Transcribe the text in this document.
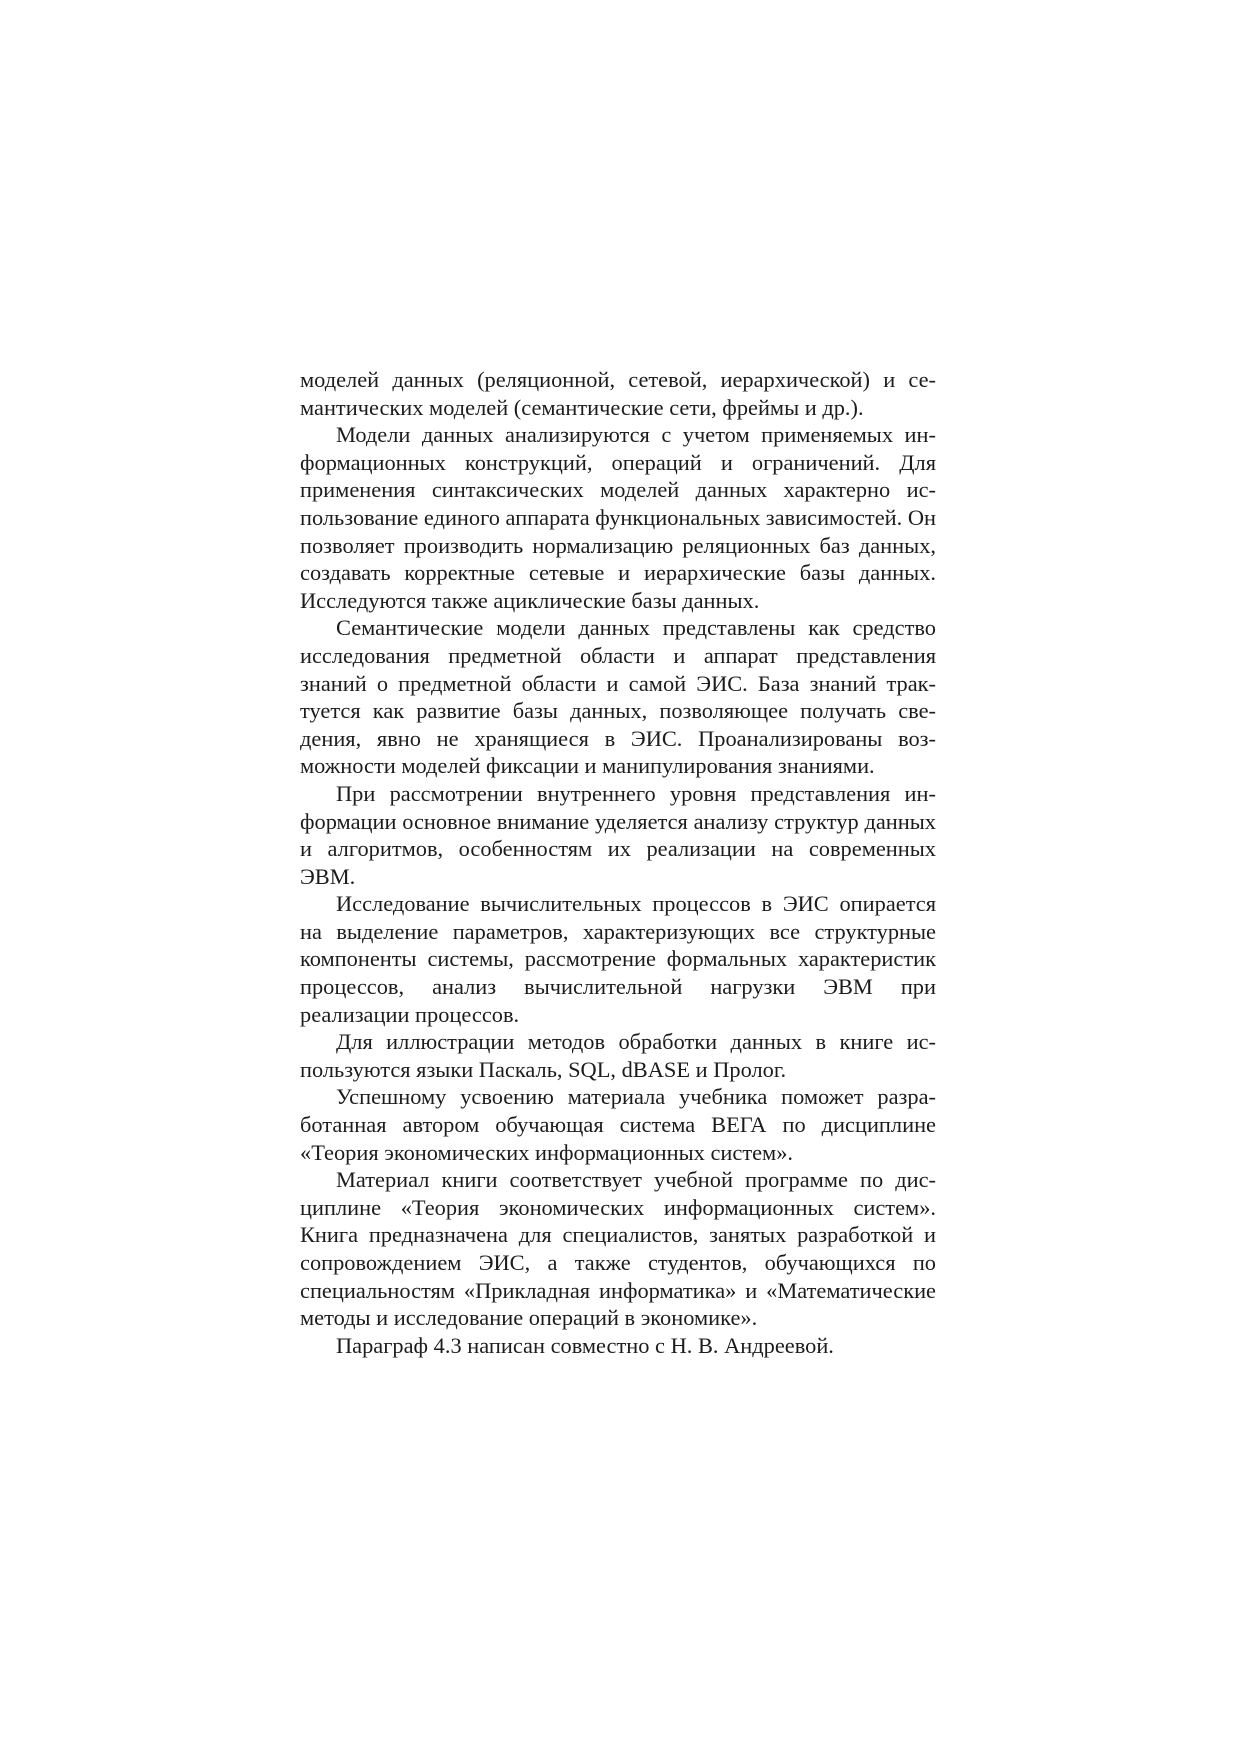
моделей данных (реляционной, сетевой, иерархической) и семантических моделей (семантические сети, фреймы и др.).

Модели данных анализируются с учетом применяемых информационных конструкций, операций и ограничений. Для применения синтаксических моделей данных характерно использование единого аппарата функциональных зависимостей. Он позволяет производить нормализацию реляционных баз данных, создавать корректные сетевые и иерархические базы данных. Исследуются также ациклические базы данных.

Семантические модели данных представлены как средство исследования предметной области и аппарат представления знаний о предметной области и самой ЭИС. База знаний трактуется как развитие базы данных, позволяющее получать сведения, явно не хранящиеся в ЭИС. Проанализированы возможности моделей фиксации и манипулирования знаниями.

При рассмотрении внутреннего уровня представления информации основное внимание уделяется анализу структур данных и алгоритмов, особенностям их реализации на современных ЭВМ.

Исследование вычислительных процессов в ЭИС опирается на выделение параметров, характеризующих все структурные компоненты системы, рассмотрение формальных характеристик процессов, анализ вычислительной нагрузки ЭВМ при реализации процессов.

Для иллюстрации методов обработки данных в книге используются языки Паскаль, SQL, dBASE и Пролог.

Успешному усвоению материала учебника поможет разработанная автором обучающая система ВЕГА по дисциплине «Теория экономических информационных систем».

Материал книги соответствует учебной программе по дисциплине «Теория экономических информационных систем». Книга предназначена для специалистов, занятых разработкой и сопровождением ЭИС, а также студентов, обучающихся по специальностям «Прикладная информатика» и «Математические методы и исследование операций в экономике».

Параграф 4.3 написан совместно с Н. В. Андреевой.
